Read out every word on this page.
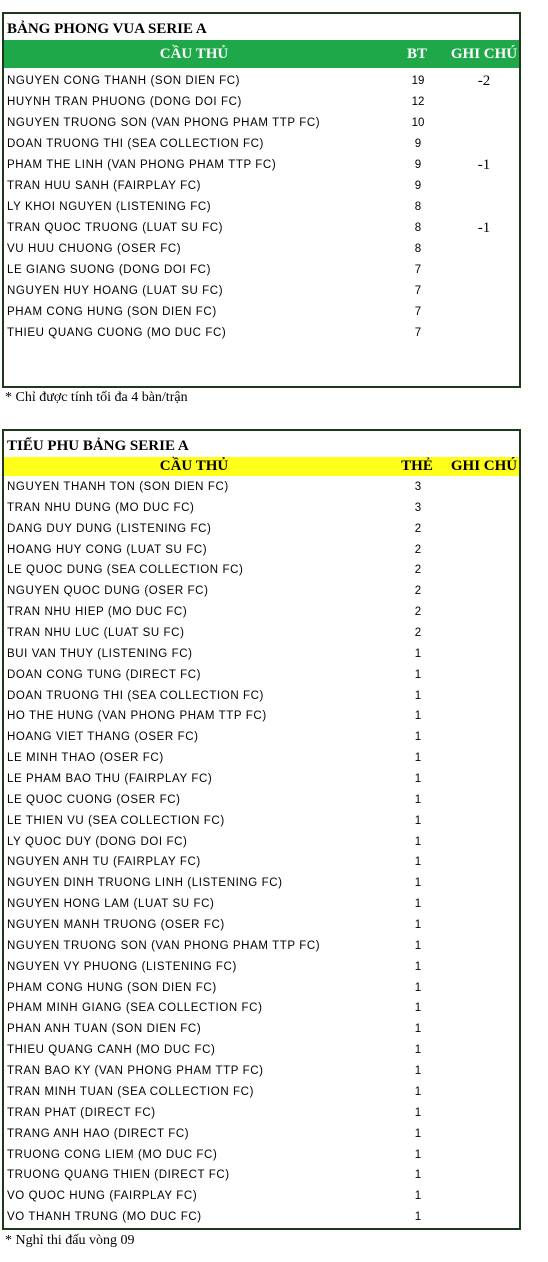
BẢNG PHONG VUA SERIE A
CẦU THỦ	BT	GHI CHÚ
NGUYEN CONG THANH (SON DIEN FC)	19	-2
HUYNH TRAN PHUONG (DONG DOI FC)	12
NGUYEN TRUONG SON (VAN PHONG PHAM TTP FC)	10
DOAN TRUONG THI (SEA COLLECTION FC)	9
PHAM THE LINH (VAN PHONG PHAM TTP FC)	9	-1
TRAN HUU SANH (FAIRPLAY FC)	9
LY KHOI NGUYEN (LISTENING FC)	8
TRAN QUOC TRUONG (LUAT SU FC)	8	-1
VU HUU CHUONG (OSER FC)	8
LE GIANG SUONG (DONG DOI FC)	7
NGUYEN HUY HOANG (LUAT SU FC)	7
PHAM CONG HUNG (SON DIEN FC)	7
THIEU QUANG CUONG (MO DUC FC)	7
* Chỉ được tính tối đa 4 bàn/trận
TIỂU PHU BẢNG SERIE A
CẦU THỦ	THẺ	GHI CHÚ
NGUYEN THANH TON (SON DIEN FC)	3
TRAN NHU DUNG (MO DUC FC)	3
DANG DUY DUNG (LISTENING FC)	2
HOANG HUY CONG (LUAT SU FC)	2
LE QUOC DUNG (SEA COLLECTION FC)	2
NGUYEN QUOC DUNG (OSER FC)	2
TRAN NHU HIEP (MO DUC FC)	2
TRAN NHU LUC (LUAT SU FC)	2
BUI VAN THUY (LISTENING FC)	1
DOAN CONG TUNG (DIRECT FC)	1
DOAN TRUONG THI (SEA COLLECTION FC)	1
HO THE HUNG (VAN PHONG PHAM TTP FC)	1
HOANG VIET THANG (OSER FC)	1
LE MINH THAO (OSER FC)	1
LE PHAM BAO THU (FAIRPLAY FC)	1
LE QUOC CUONG (OSER FC)	1
LE THIEN VU (SEA COLLECTION FC)	1
LY QUOC DUY (DONG DOI FC)	1
NGUYEN ANH TU (FAIRPLAY FC)	1
NGUYEN DINH TRUONG LINH (LISTENING FC)	1
NGUYEN HONG LAM (LUAT SU FC)	1
NGUYEN MANH TRUONG (OSER FC)	1
NGUYEN TRUONG SON (VAN PHONG PHAM TTP FC)	1
NGUYEN VY PHUONG (LISTENING FC)	1
PHAM CONG HUNG (SON DIEN FC)	1
PHAM MINH GIANG (SEA COLLECTION FC)	1
PHAN ANH TUAN (SON DIEN FC)	1
THIEU QUANG CANH (MO DUC FC)	1
TRAN BAO KY (VAN PHONG PHAM TTP FC)	1
TRAN MINH TUAN (SEA COLLECTION FC)	1
TRAN PHAT (DIRECT FC)	1
TRANG ANH HAO (DIRECT FC)	1
TRUONG CONG LIEM (MO DUC FC)	1
TRUONG QUANG THIEN (DIRECT FC)	1
VO QUOC HUNG (FAIRPLAY FC)	1
VO THANH TRUNG (MO DUC FC)	1
* Nghỉ thi đấu vòng 09
